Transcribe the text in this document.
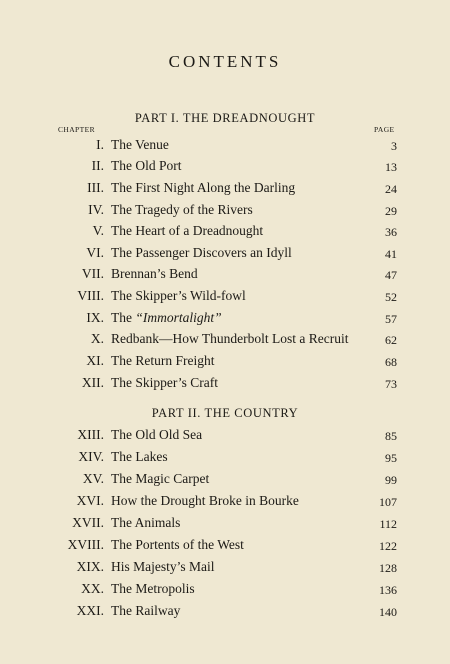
CONTENTS
PART I. THE DREADNOUGHT
CHAPTER	PAGE
I. The Venue	3
II. The Old Port	13
III. The First Night Along the Darling	24
IV. The Tragedy of the Rivers	29
V. The Heart of a Dreadnought	36
VI. The Passenger Discovers an Idyll	41
VII. Brennan’s Bend	47
VIII. The Skipper’s Wild-fowl	52
IX. The “Immortalight”	57
X. Redbank—How Thunderbolt Lost a Recruit	62
XI. The Return Freight	68
XII. The Skipper’s Craft	73
PART II. THE COUNTRY
XIII. The Old Old Sea	85
XIV. The Lakes	95
XV. The Magic Carpet	99
XVI. How the Drought Broke in Bourke	107
XVII. The Animals	112
XVIII. The Portents of the West	122
XIX. His Majesty’s Mail	128
XX. The Metropolis	136
XXI. The Railway	140
